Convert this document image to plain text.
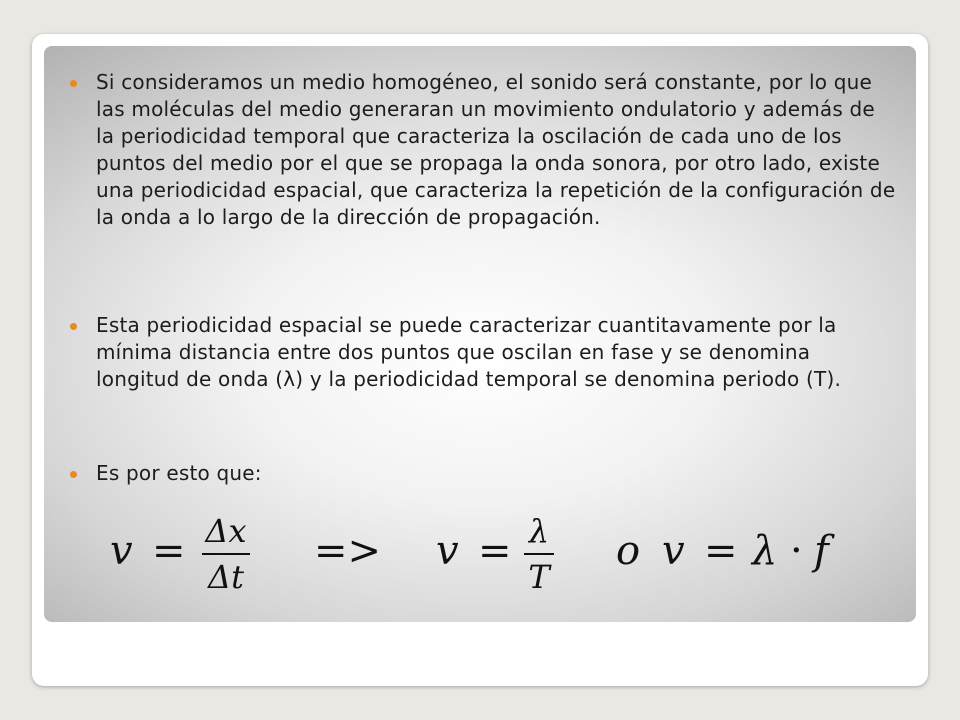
Si consideramos un medio homogéneo, el sonido será constante, por lo que las moléculas del medio generaran un movimiento ondulatorio y además de la periodicidad temporal que caracteriza la oscilación de cada uno de los puntos del medio por el que se propaga la onda sonora, por otro lado, existe una periodicidad espacial, que caracteriza la repetición de la configuración de la onda a lo largo de la dirección de propagación.
Esta periodicidad espacial se puede caracterizar cuantitavamente por la mínima distancia entre dos puntos que oscilan en fase y se denomina longitud de onda (λ) y la periodicidad temporal se denomina periodo (T).
Es por esto que:
v = Δx
Δt
=> v = λ
T
o v = λ · f
